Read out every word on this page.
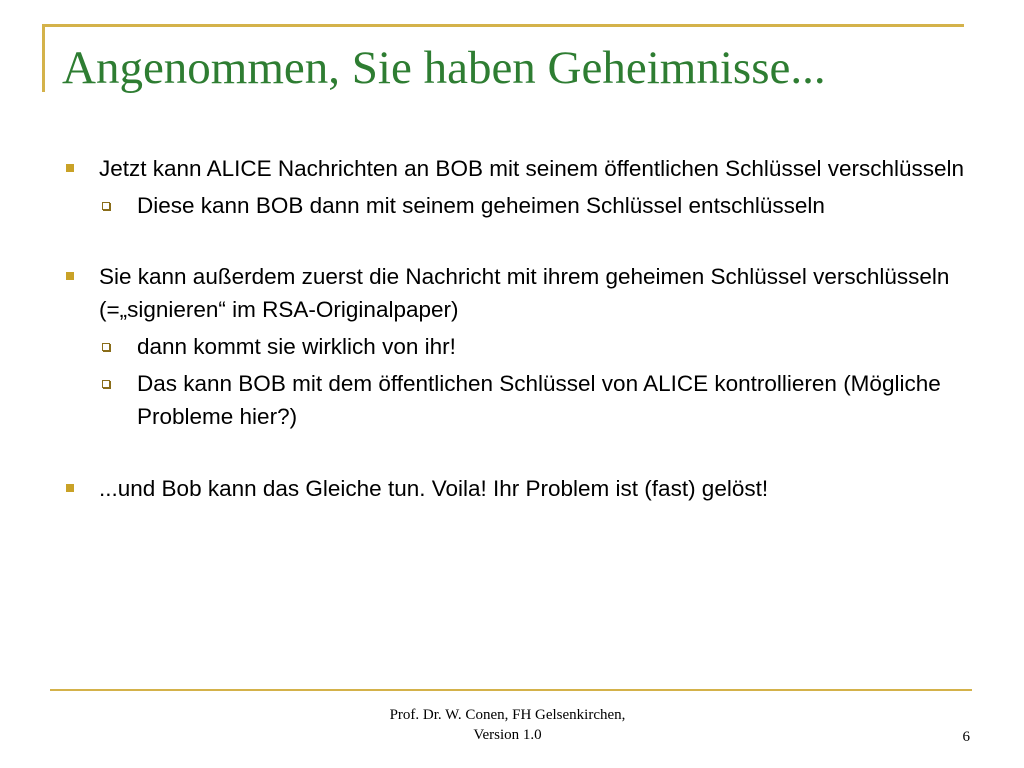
Angenommen, Sie haben Geheimnisse...
Jetzt kann ALICE Nachrichten an BOB mit seinem öffentlichen Schlüssel verschlüsseln
Diese kann BOB dann mit seinem geheimen Schlüssel entschlüsseln
Sie kann außerdem zuerst die Nachricht mit ihrem geheimen Schlüssel verschlüsseln (=„signieren“ im RSA-Originalpaper)
dann kommt sie wirklich von ihr!
Das kann BOB mit dem öffentlichen Schlüssel von ALICE kontrollieren (Mögliche Probleme hier?)
...und Bob kann das Gleiche tun. Voila! Ihr Problem ist (fast) gelöst!
Prof. Dr. W. Conen, FH Gelsenkirchen,
Version 1.0	6
